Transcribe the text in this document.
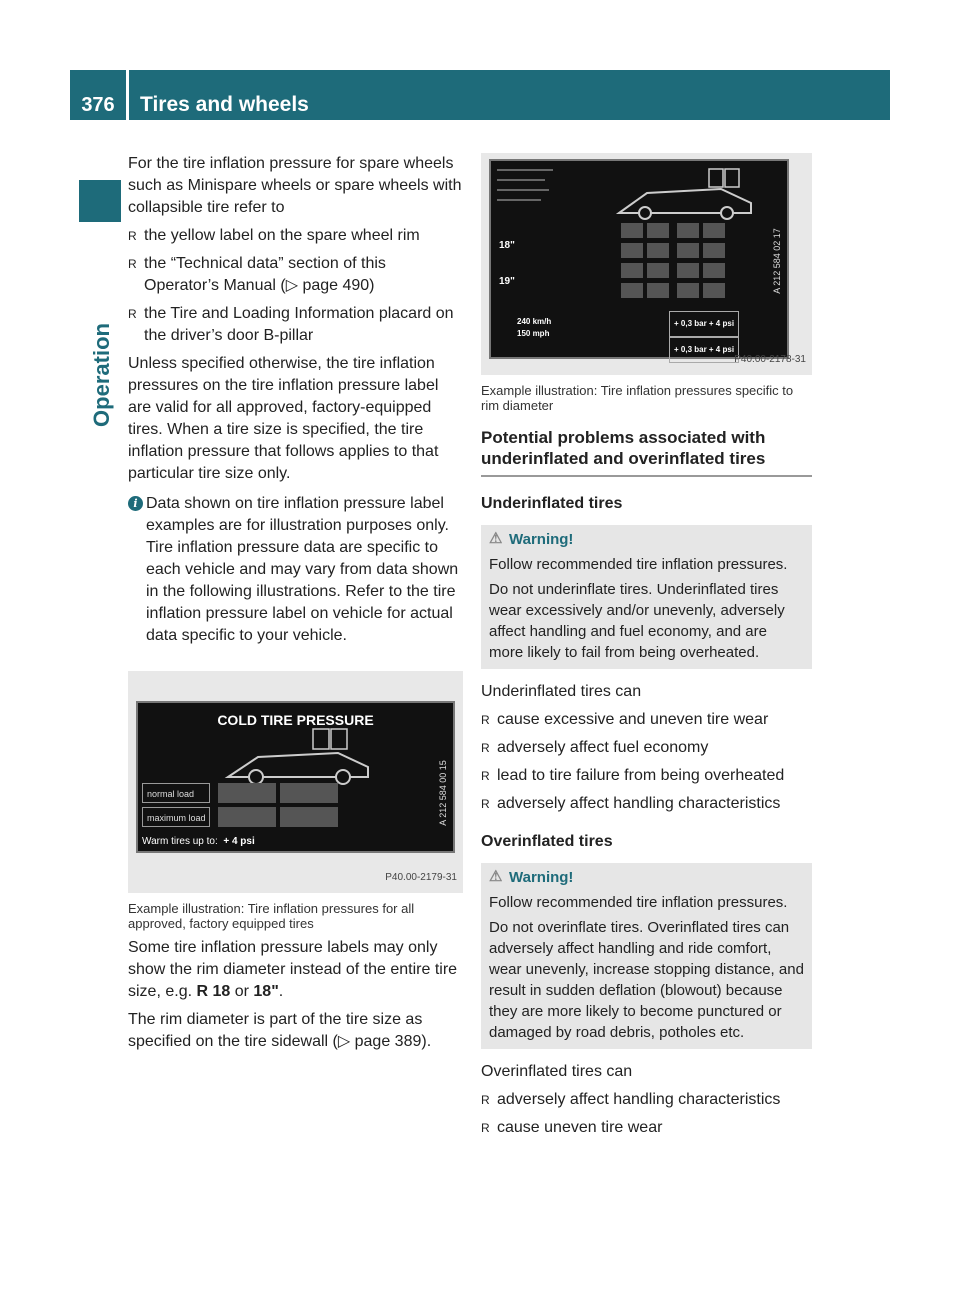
376	Tires and wheels
Operation

For the tire inflation pressure for spare wheels such as Minispare wheels or spare wheels with collapsible tire refer to

R the yellow label on the spare wheel rim

R the “Technical data” section of this Operator’s Manual (▷ page 490)

R the Tire and Loading Information placard on the driver’s door B-pillar

Unless specified otherwise, the tire inflation pressures on the tire inflation pressure label are valid for all approved, factory-equipped tires. When a tire size is specified, the tire inflation pressure that follows applies to that particular tire size only.

i Data shown on tire inflation pressure label examples are for illustration purposes only. Tire inflation pressure data are specific to each vehicle and may vary from data shown in the following illustrations. Refer to the tire inflation pressure label on vehicle for actual data specific to your vehicle.

COLD TIRE PRESSURE
normal load
maximum load
Warm tires up to: + 4 psi
A 212 584 00 15
P40.00-2179-31

Example illustration: Tire inflation pressures for all approved, factory equipped tires

Some tire inflation pressure labels may only show the rim diameter instead of the entire tire size, e.g. R 18 or 18".

The rim diameter is part of the tire size as specified on the tire sidewall (▷ page 389).

18"
19"
240 km/h
150 mph
+ 0,3 bar + 4 psi
+ 0,3 bar + 4 psi
A 212 584 02 17
P40.00-2178-31

Example illustration: Tire inflation pressures specific to rim diameter

Potential problems associated with underinflated and overinflated tires

Underinflated tires

⚠ Warning!

Follow recommended tire inflation pressures.

Do not underinflate tires. Underinflated tires wear excessively and/or unevenly, adversely affect handling and fuel economy, and are more likely to fail from being overheated.

Underinflated tires can

R cause excessive and uneven tire wear

R adversely affect fuel economy

R lead to tire failure from being overheated

R adversely affect handling characteristics

Overinflated tires

⚠ Warning!

Follow recommended tire inflation pressures.

Do not overinflate tires. Overinflated tires can adversely affect handling and ride comfort, wear unevenly, increase stopping distance, and result in sudden deflation (blowout) because they are more likely to become punctured or damaged by road debris, potholes etc.

Overinflated tires can

R adversely affect handling characteristics

R cause uneven tire wear
